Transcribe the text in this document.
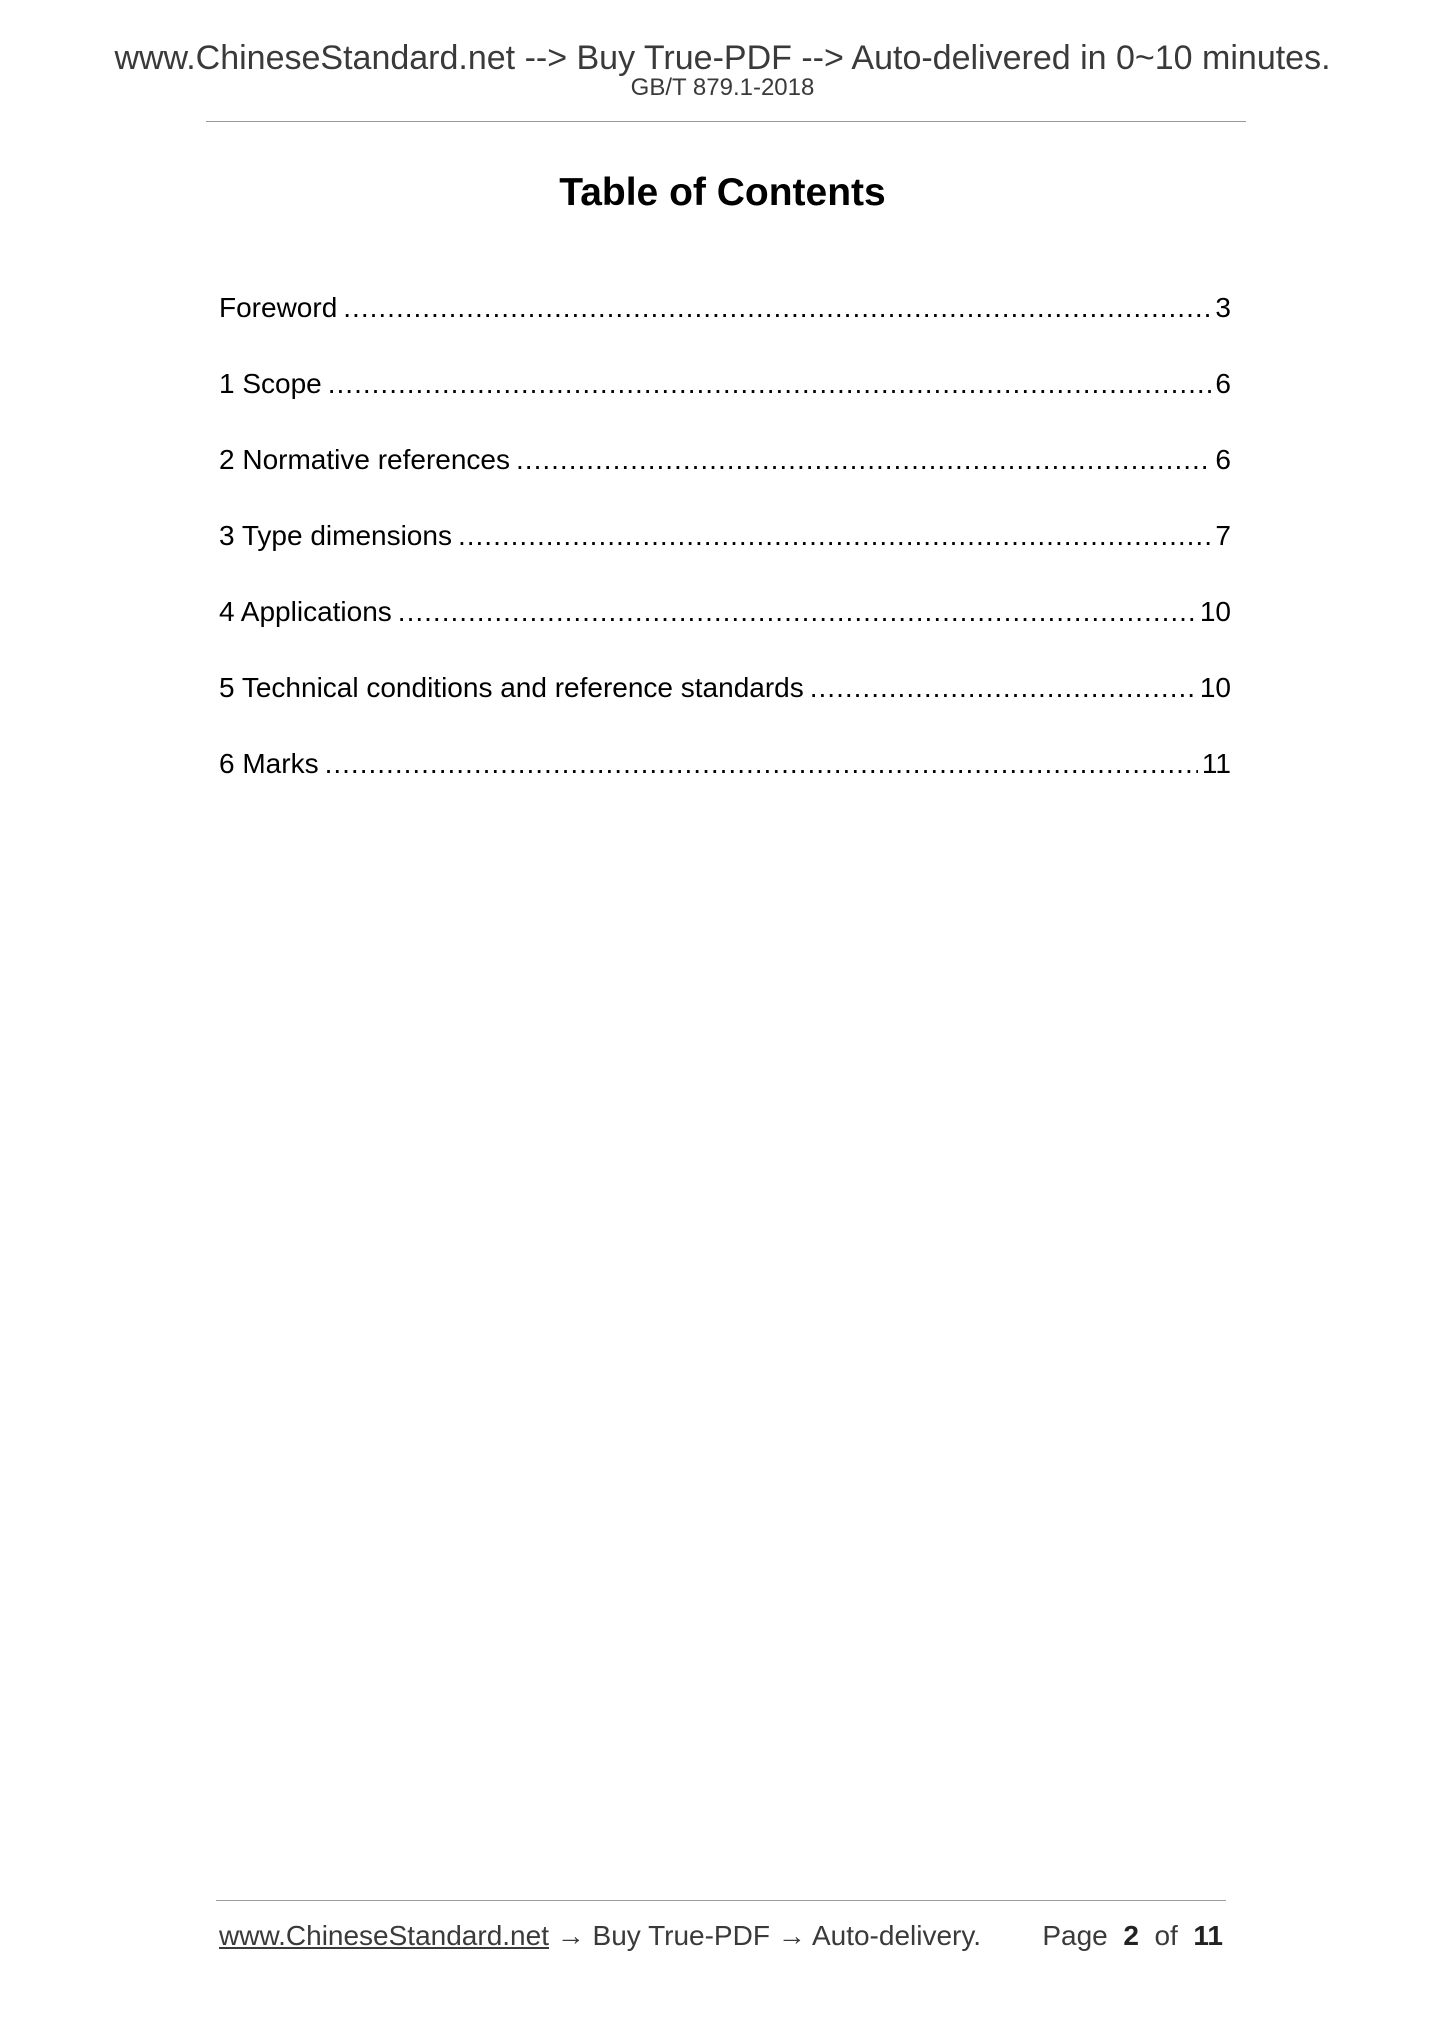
www.ChineseStandard.net --> Buy True-PDF --> Auto-delivered in 0~10 minutes.
GB/T 879.1-2018
Table of Contents
Foreword .....	3
1 Scope .....	6
2 Normative references .....	6
3 Type dimensions .....	7
4 Applications .....	10
5 Technical conditions and reference standards .....	10
6 Marks .....	11
www.ChineseStandard.net → Buy True-PDF → Auto-delivery. Page 2 of 11
